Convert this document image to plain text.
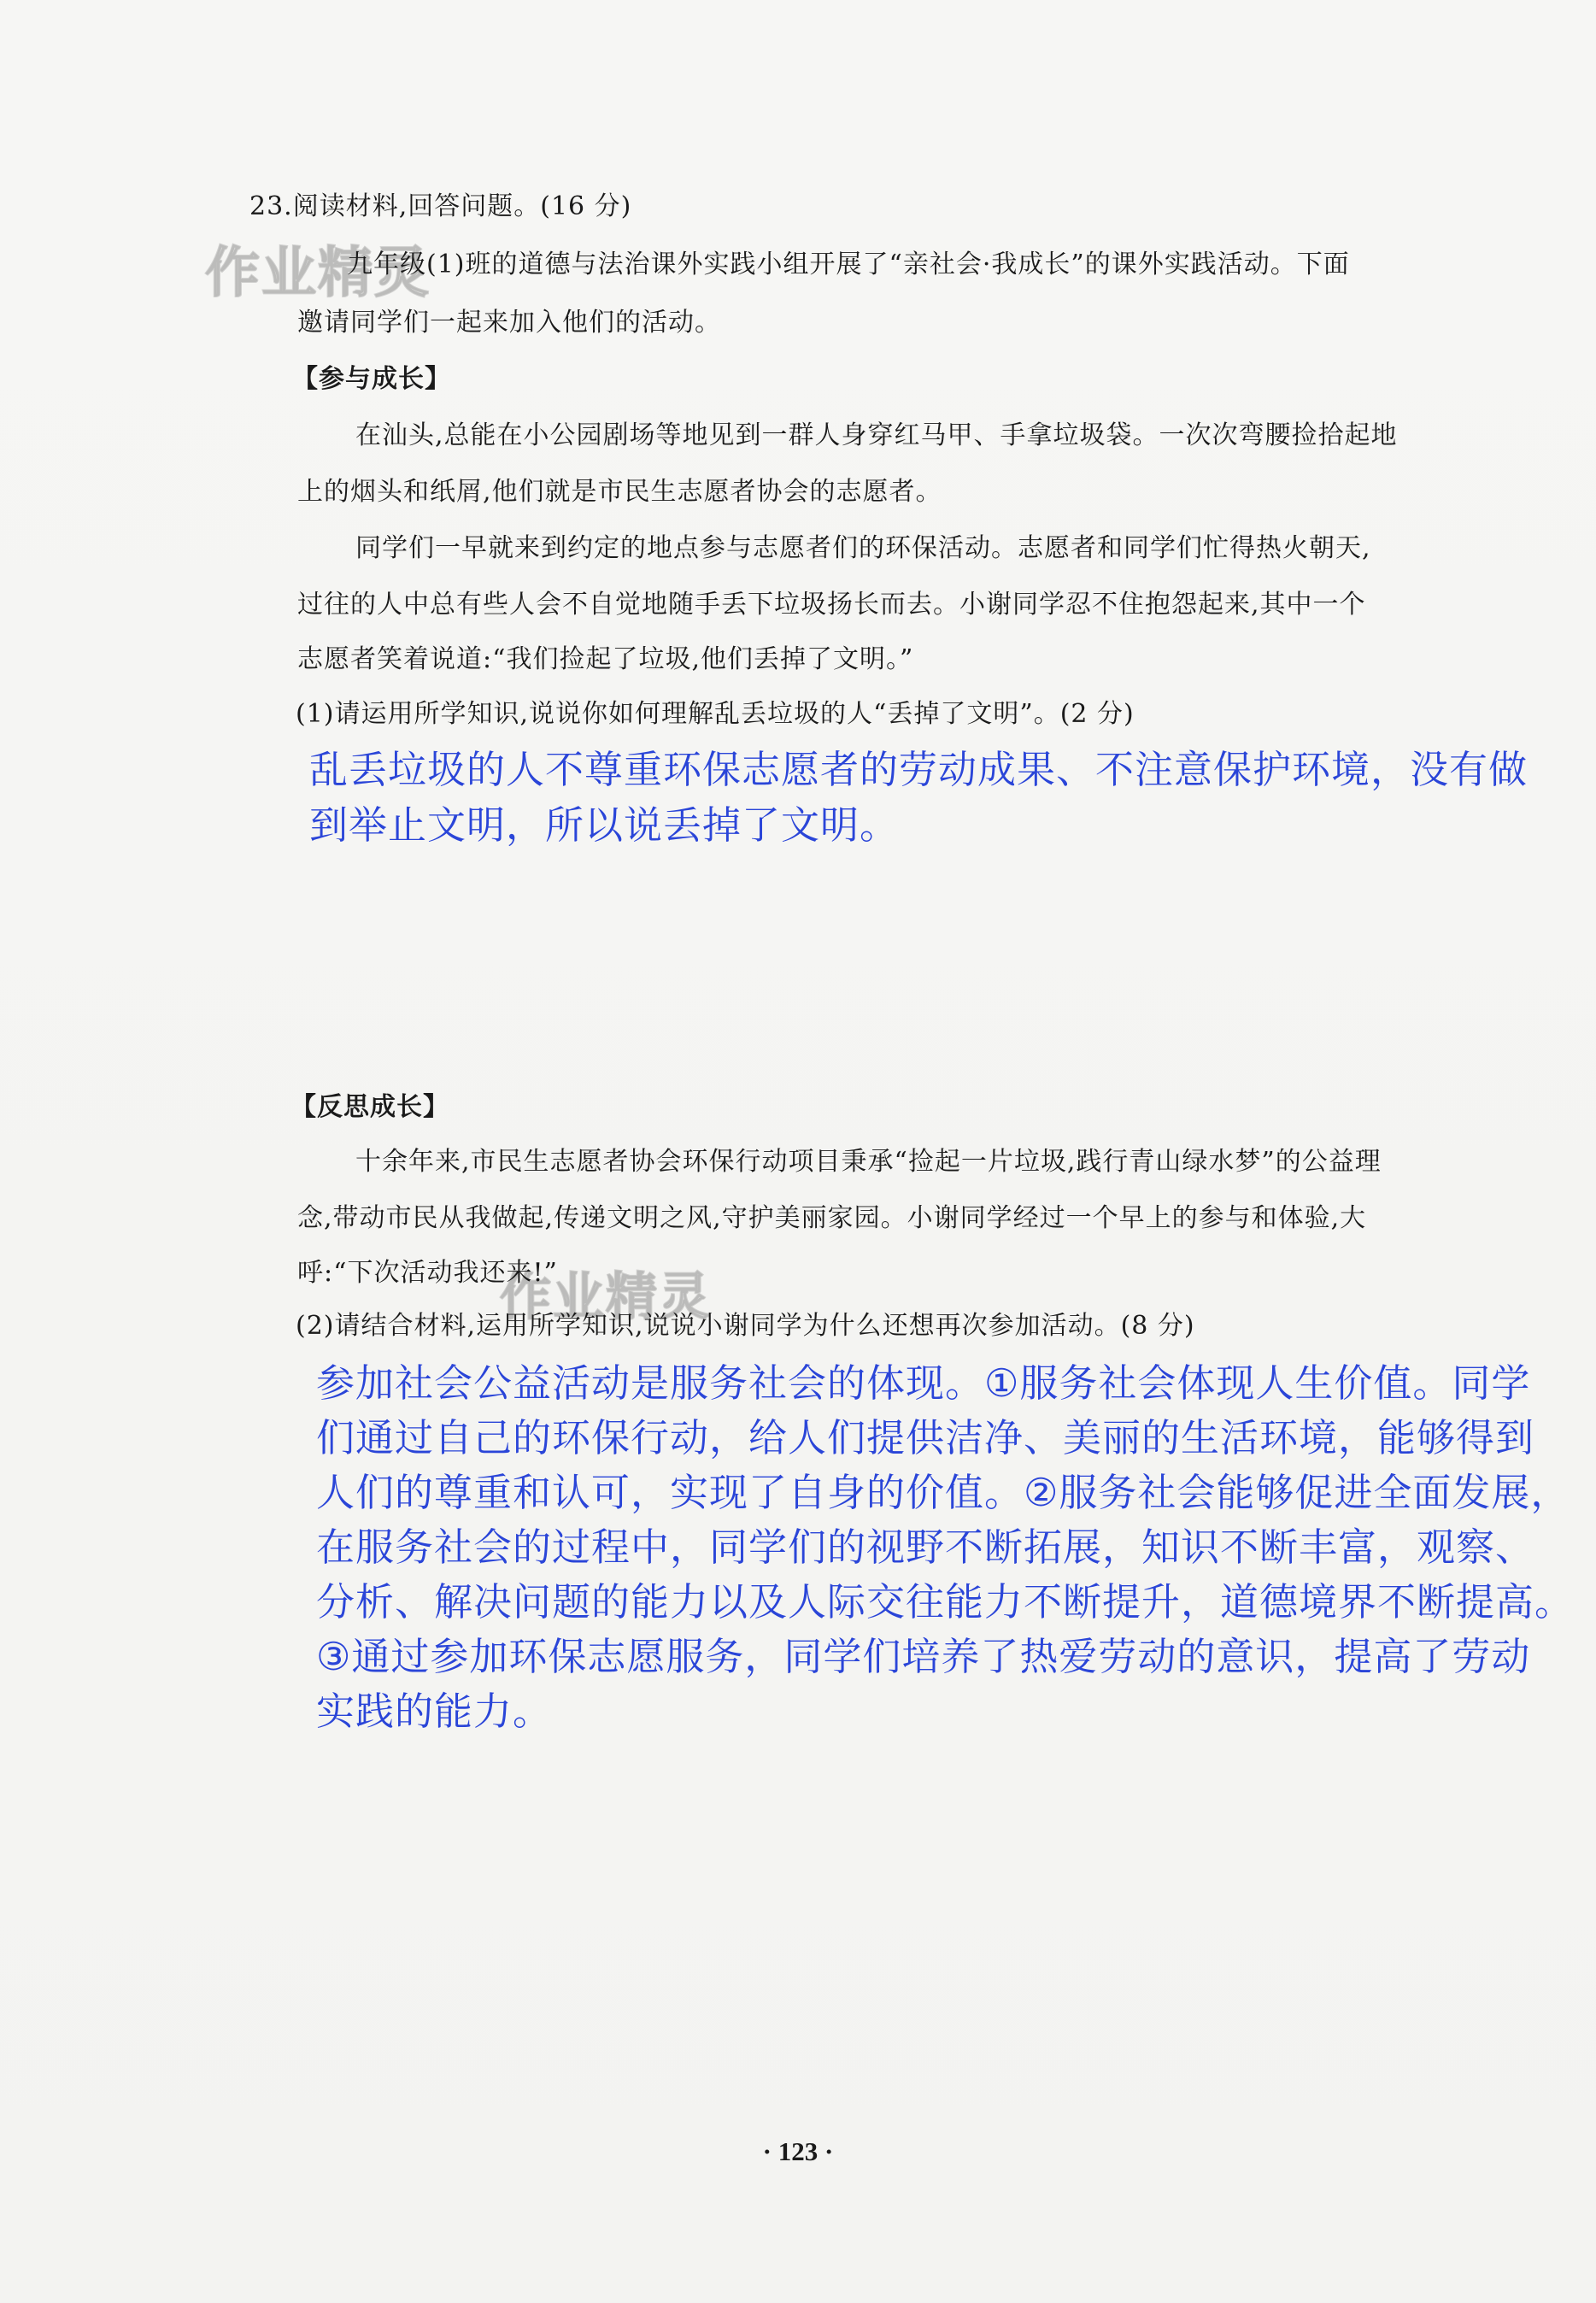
作业精灵
作业精灵
23.阅读材料,回答问题。(16 分)
九年级(1)班的道德与法治课外实践小组开展了“亲社会·我成长”的课外实践活动。下面
邀请同学们一起来加入他们的活动。
【参与成长】
在汕头,总能在小公园剧场等地见到一群人身穿红马甲、手拿垃圾袋。一次次弯腰捡拾起地
上的烟头和纸屑,他们就是市民生志愿者协会的志愿者。
同学们一早就来到约定的地点参与志愿者们的环保活动。志愿者和同学们忙得热火朝天,
过往的人中总有些人会不自觉地随手丢下垃圾扬长而去。小谢同学忍不住抱怨起来,其中一个
志愿者笑着说道:“我们捡起了垃圾,他们丢掉了文明。”
(1)请运用所学知识,说说你如何理解乱丢垃圾的人“丢掉了文明”。(2 分)
乱丢垃圾的人不尊重环保志愿者的劳动成果、不注意保护环境，没有做
到举止文明，所以说丢掉了文明。
【反思成长】
十余年来,市民生志愿者协会环保行动项目秉承“捡起一片垃圾,践行青山绿水梦”的公益理
念,带动市民从我做起,传递文明之风,守护美丽家园。小谢同学经过一个早上的参与和体验,大
呼:“下次活动我还来!”
(2)请结合材料,运用所学知识,说说小谢同学为什么还想再次参加活动。(8 分)
参加社会公益活动是服务社会的体现。①服务社会体现人生价值。同学
们通过自己的环保行动，给人们提供洁净、美丽的生活环境，能够得到
人们的尊重和认可，实现了自身的价值。②服务社会能够促进全面发展，
在服务社会的过程中，同学们的视野不断拓展，知识不断丰富，观察、
分析、解决问题的能力以及人际交往能力不断提升，道德境界不断提高。
③通过参加环保志愿服务，同学们培养了热爱劳动的意识，提高了劳动
实践的能力。
· 123 ·
